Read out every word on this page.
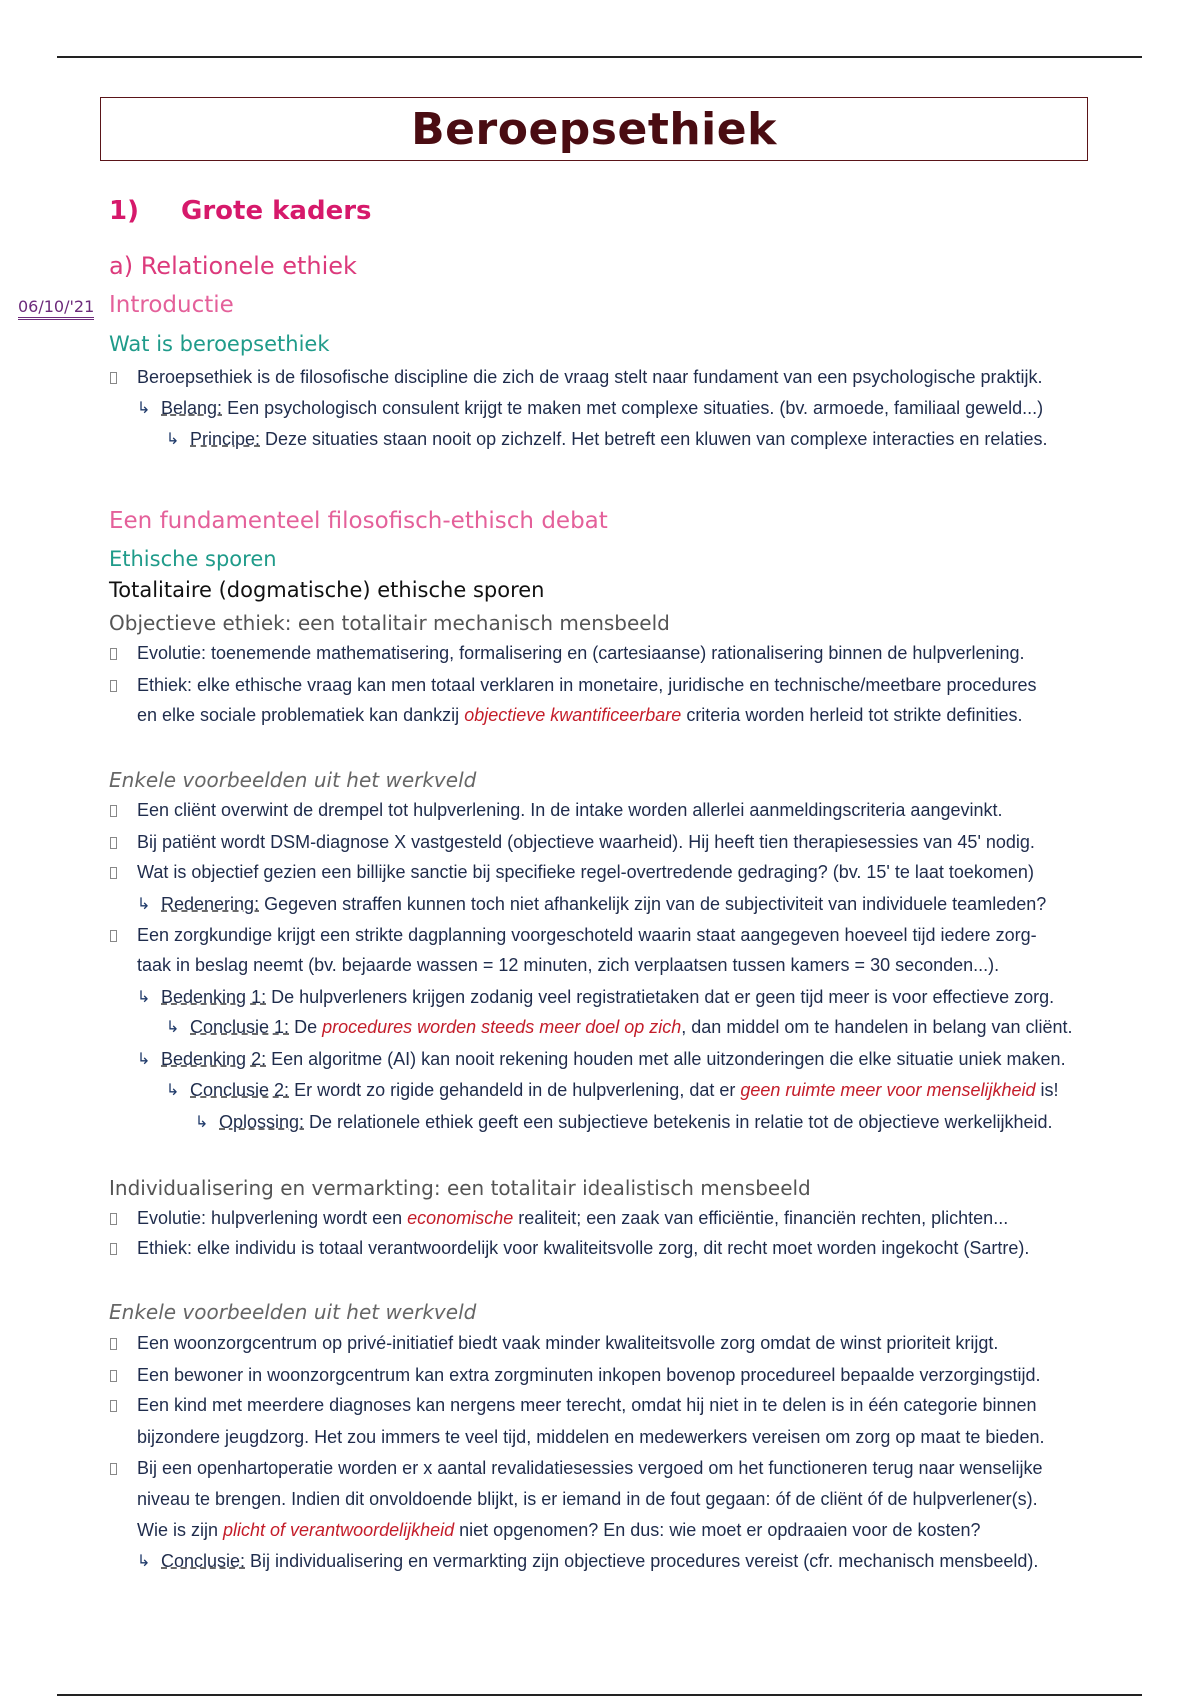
Beroepsethiek
1) Grote kaders
a) Relationele ethiek
06/10/'21 Introductie
Wat is beroepsethiek
Beroepsethiek is de filosofische discipline die zich de vraag stelt naar fundament van een psychologische praktijk.
↳ Belang: Een psychologisch consulent krijgt te maken met complexe situaties. (bv. armoede, familiaal geweld...)
↳ Principe: Deze situaties staan nooit op zichzelf. Het betreft een kluwen van complexe interacties en relaties.
Een fundamenteel filosofisch-ethisch debat
Ethische sporen
Totalitaire (dogmatische) ethische sporen
Objectieve ethiek: een totalitair mechanisch mensbeeld
Evolutie: toenemende mathematisering, formalisering en (cartesiaanse) rationalisering binnen de hulpverlening.
Ethiek: elke ethische vraag kan men totaal verklaren in monetaire, juridische en technische/meetbare procedures
en elke sociale problematiek kan dankzij objectieve kwantificeerbare criteria worden herleid tot strikte definities.
Enkele voorbeelden uit het werkveld
Een cliënt overwint de drempel tot hulpverlening. In de intake worden allerlei aanmeldingscriteria aangevinkt.
Bij patiënt wordt DSM-diagnose X vastgesteld (objectieve waarheid). Hij heeft tien therapiesessies van 45' nodig.
Wat is objectief gezien een billijke sanctie bij specifieke regel-overtredende gedraging? (bv. 15' te laat toekomen)
↳ Redenering: Gegeven straffen kunnen toch niet afhankelijk zijn van de subjectiviteit van individuele teamleden?
Een zorgkundige krijgt een strikte dagplanning voorgeschoteld waarin staat aangegeven hoeveel tijd iedere zorg-
taak in beslag neemt (bv. bejaarde wassen = 12 minuten, zich verplaatsen tussen kamers = 30 seconden...).
↳ Bedenking 1: De hulpverleners krijgen zodanig veel registratietaken dat er geen tijd meer is voor effectieve zorg.
↳ Conclusie 1: De procedures worden steeds meer doel op zich, dan middel om te handelen in belang van cliënt.
↳ Bedenking 2: Een algoritme (AI) kan nooit rekening houden met alle uitzonderingen die elke situatie uniek maken.
↳ Conclusie 2: Er wordt zo rigide gehandeld in de hulpverlening, dat er geen ruimte meer voor menselijkheid is!
↳ Oplossing: De relationele ethiek geeft een subjectieve betekenis in relatie tot de objectieve werkelijkheid.
Individualisering en vermarkting: een totalitair idealistisch mensbeeld
Evolutie: hulpverlening wordt een economische realiteit; een zaak van efficiëntie, financiën rechten, plichten...
Ethiek: elke individu is totaal verantwoordelijk voor kwaliteitsvolle zorg, dit recht moet worden ingekocht (Sartre).
Enkele voorbeelden uit het werkveld
Een woonzorgcentrum op privé-initiatief biedt vaak minder kwaliteitsvolle zorg omdat de winst prioriteit krijgt.
Een bewoner in woonzorgcentrum kan extra zorgminuten inkopen bovenop procedureel bepaalde verzorgingstijd.
Een kind met meerdere diagnoses kan nergens meer terecht, omdat hij niet in te delen is in één categorie binnen
bijzondere jeugdzorg. Het zou immers te veel tijd, middelen en medewerkers vereisen om zorg op maat te bieden.
Bij een openhartoperatie worden er x aantal revalidatiesessies vergoed om het functioneren terug naar wenselijke
niveau te brengen. Indien dit onvoldoende blijkt, is er iemand in de fout gegaan: óf de cliënt óf de hulpverlener(s).
Wie is zijn plicht of verantwoordelijkheid niet opgenomen? En dus: wie moet er opdraaien voor de kosten?
↳ Conclusie: Bij individualisering en vermarkting zijn objectieve procedures vereist (cfr. mechanisch mensbeeld).
